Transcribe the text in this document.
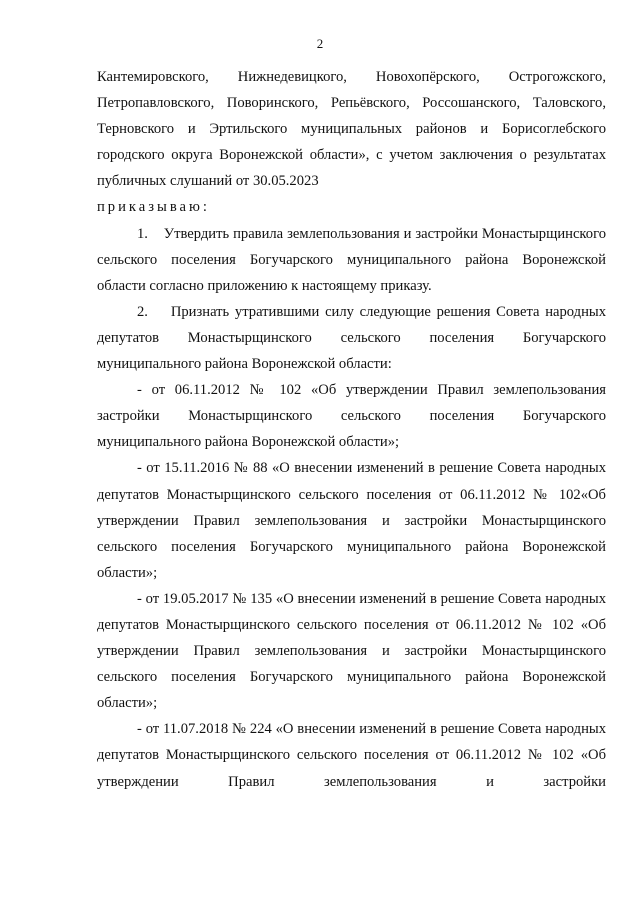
2

Кантемировского, Нижнедевицкого, Новохопёрского, Острогожского, Петропавловского, Поворинского, Репьёвского, Россошанского, Таловского, Терновского и Эртильского муниципальных районов и Борисоглебского городского округа Воронежской области», с учетом заключения о результатах публичных слушаний от 30.05.2023

приказываю:

1.    Утвердить правила землепользования и застройки Монастырщинского сельского поселения Богучарского муниципального района Воронежской области согласно приложению к настоящему приказу.

2.    Признать утратившими силу следующие решения Совета народных депутатов Монастырщинского сельского поселения Богучарского муниципального района Воронежской области:

- от 06.11.2012 № 102 «Об утверждении Правил землепользования застройки Монастырщинского сельского поселения Богучарского муниципального района Воронежской области»;

- от 15.11.2016 № 88 «О внесении изменений в решение Совета народных депутатов Монастырщинского сельского поселения от 06.11.2012 № 102«Об утверждении Правил землепользования и застройки Монастырщинского сельского поселения Богучарского муниципального района Воронежской области»;

- от 19.05.2017 № 135 «О внесении изменений в решение Совета народных депутатов Монастырщинского сельского поселения от 06.11.2012 № 102 «Об утверждении Правил землепользования и застройки Монастырщинского сельского поселения Богучарского муниципального района Воронежской области»;

- от 11.07.2018 № 224 «О внесении изменений в решение Совета народных депутатов Монастырщинского сельского поселения от 06.11.2012 № 102 «Об утверждении Правил землепользования и застройки
